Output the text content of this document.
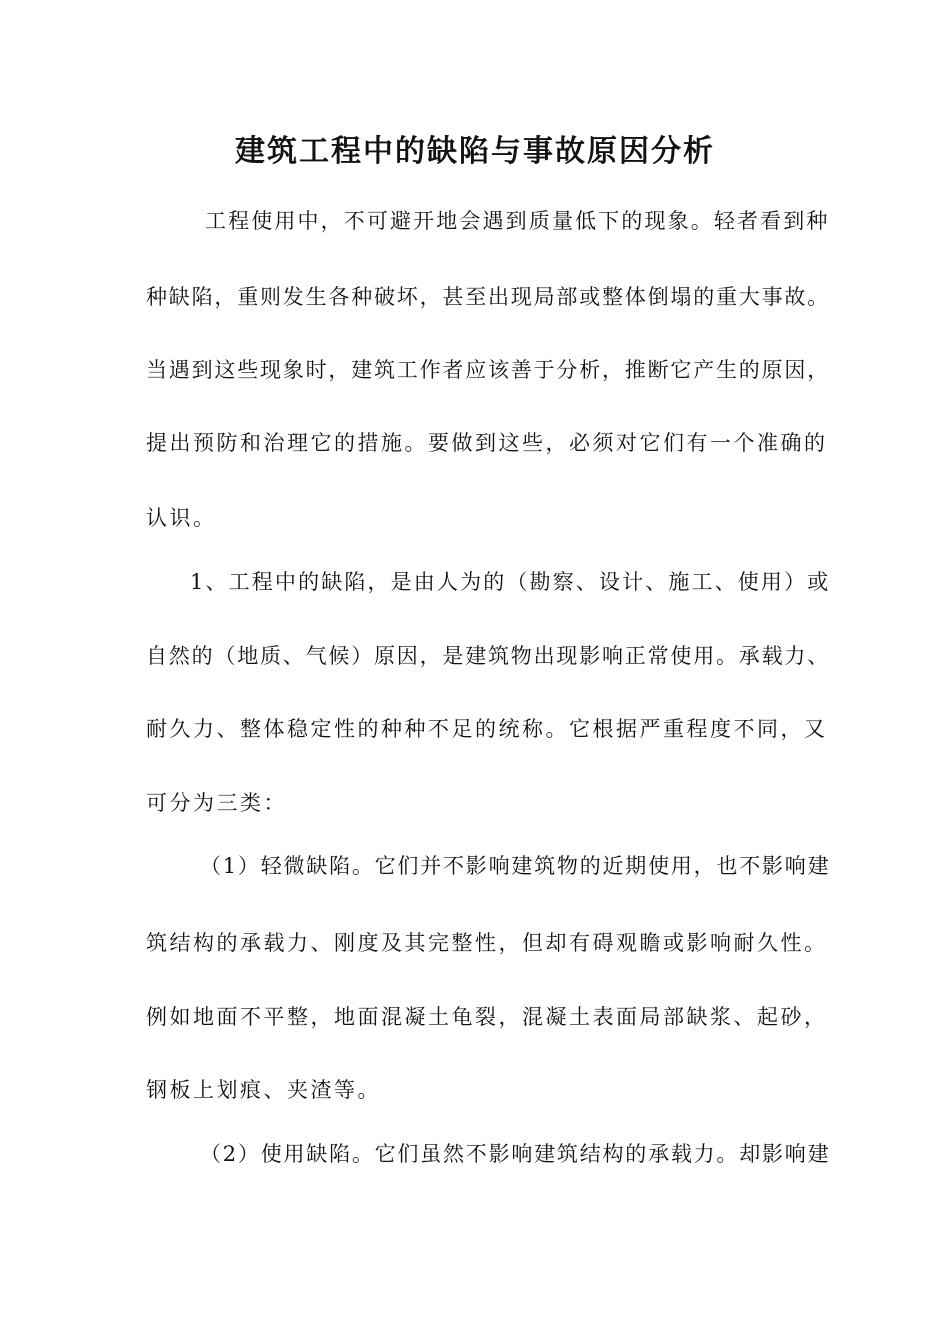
建筑工程中的缺陷与事故原因分析
工程使用中，不可避开地会遇到质量低下的现象。轻者看到种
种缺陷，重则发生各种破坏，甚至出现局部或整体倒塌的重大事故。
当遇到这些现象时，建筑工作者应该善于分析，推断它产生的原因，
提出预防和治理它的措施。要做到这些，必须对它们有一个准确的
认识。
1、工程中的缺陷，是由人为的（勘察、设计、施工、使用）或
自然的（地质、气候）原因，是建筑物出现影响正常使用。承载力、
耐久力、整体稳定性的种种不足的统称。它根据严重程度不同，又
可分为三类：
（1）轻微缺陷。它们并不影响建筑物的近期使用，也不影响建
筑结构的承载力、刚度及其完整性，但却有碍观瞻或影响耐久性。
例如地面不平整，地面混凝土龟裂，混凝土表面局部缺浆、起砂，
钢板上划痕、夹渣等。
（2）使用缺陷。它们虽然不影响建筑结构的承载力。却影响建
